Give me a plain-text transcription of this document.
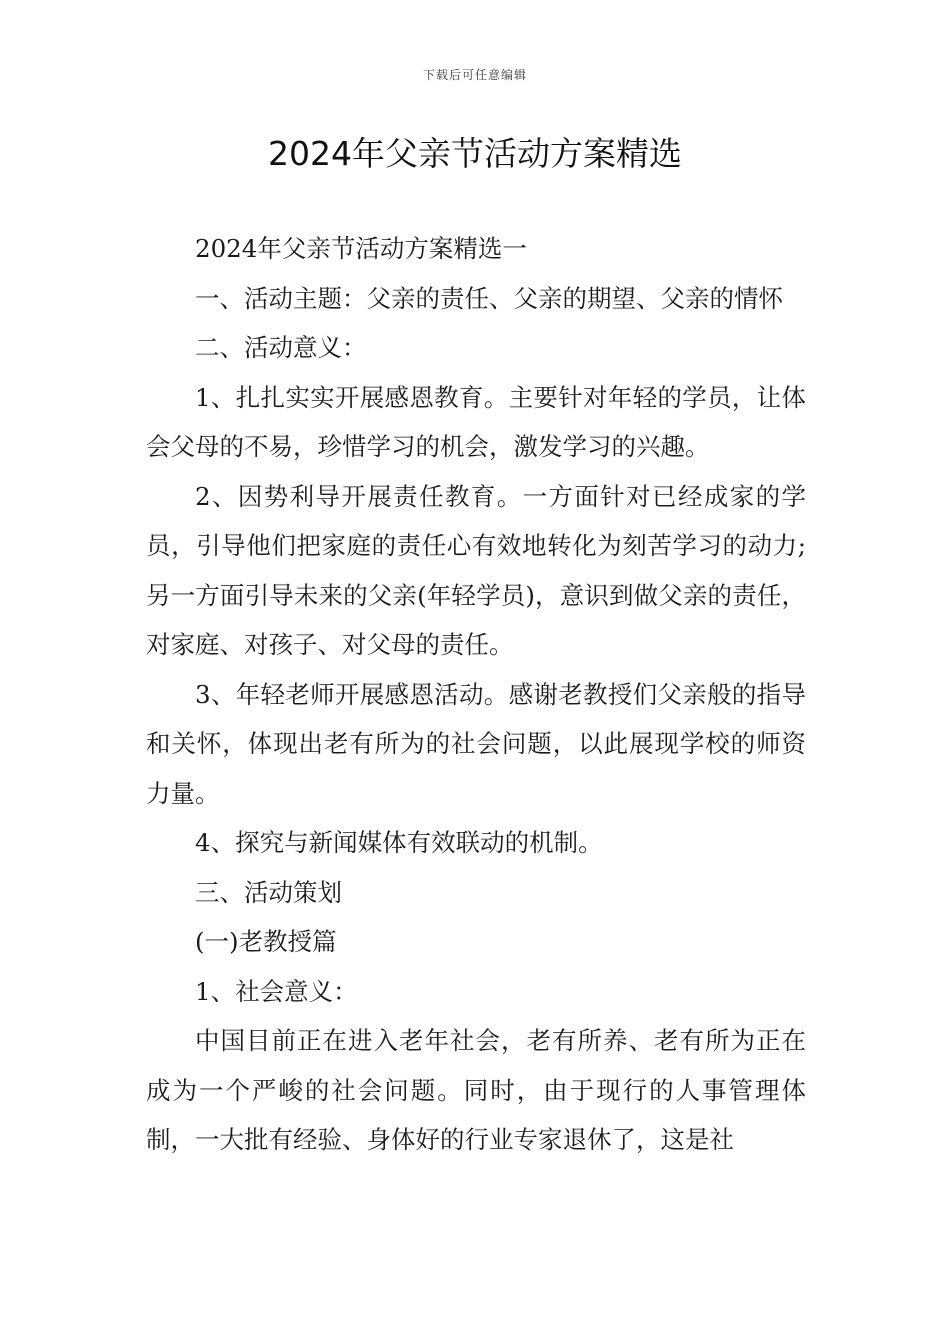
下载后可任意编辑
2024年父亲节活动方案精选

2024年父亲节活动方案精选一

一、活动主题：父亲的责任、父亲的期望、父亲的情怀

二、活动意义：

1、扎扎实实开展感恩教育。主要针对年轻的学员，让体会父母的不易，珍惜学习的机会，激发学习的兴趣。

2、因势利导开展责任教育。一方面针对已经成家的学员，引导他们把家庭的责任心有效地转化为刻苦学习的动力;另一方面引导未来的父亲(年轻学员)，意识到做父亲的责任，对家庭、对孩子、对父母的责任。

3、年轻老师开展感恩活动。感谢老教授们父亲般的指导和关怀，体现出老有所为的社会问题，以此展现学校的师资力量。

4、探究与新闻媒体有效联动的机制。

三、活动策划

(一)老教授篇

1、社会意义：

中国目前正在进入老年社会，老有所养、老有所为正在成为一个严峻的社会问题。同时，由于现行的人事管理体制，一大批有经验、身体好的行业专家退休了，这是社
